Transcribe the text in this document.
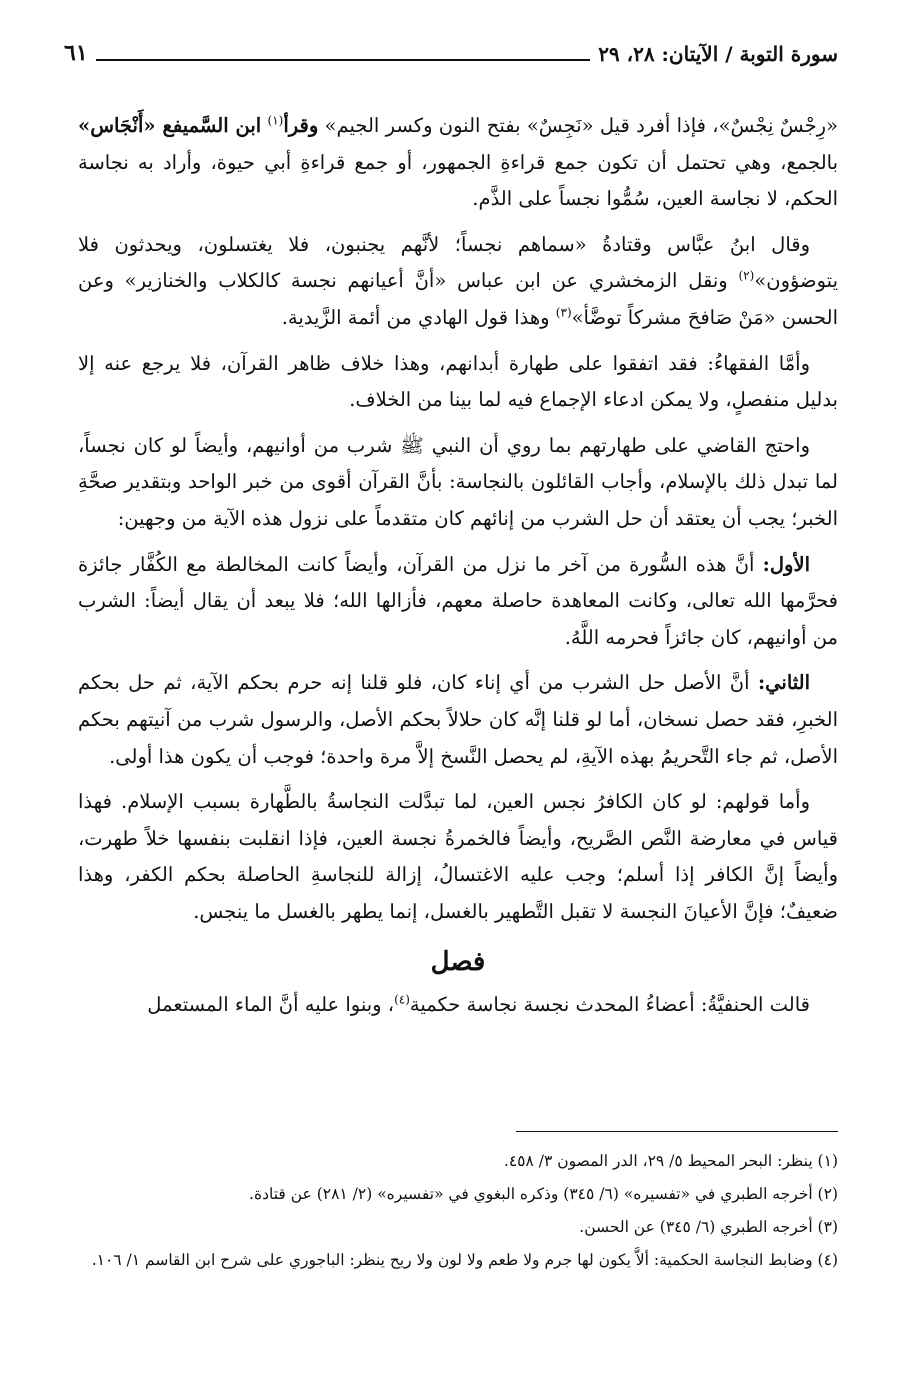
سورة التوبة / الآيتان: ٢٨، ٢٩
٦١

«رِجْسٌ نِجْسٌ»، فإذا أفرد قيل «نَجِسٌ» بفتح النون وكسر الجيم» وقرأ$^{(١)}$ ابن السَّميفع «أَنْجَاس» بالجمع، وهي تحتمل أن تكون جمع قراءةِ الجمهور، أو جمع قراءةِ أبي حيوة، وأراد به نجاسة الحكم، لا نجاسة العين، سُمُّوا نجساً على الذَّم.

وقال ابنُ عبَّاس وقتادةُ «سماهم نجساً؛ لأنَّهم يجنبون، فلا يغتسلون، ويحدثون فلا يتوضؤون»$^{(٢)}$ ونقل الزمخشري عن ابن عباس «أنَّ أعيانهم نجسة كالكلاب والخنازير» وعن الحسن «مَنْ صَافحَ مشركاً توضَّأ»$^{(٣)}$ وهذا قول الهادي من أئمة الزَّيدية.

وأمَّا الفقهاءُ: فقد اتفقوا على طهارة أبدانهم، وهذا خلاف ظاهر القرآن، فلا يرجع عنه إلا بدليل منفصلٍ، ولا يمكن ادعاء الإجماع فيه لما بينا من الخلاف.

واحتج القاضي على طهارتهم بما روي أن النبي ﷺ شرب من أوانيهم، وأيضاً لو كان نجساً، لما تبدل ذلك بالإسلام، وأجاب القائلون بالنجاسة: بأنَّ القرآن أقوى من خبر الواحد وبتقدير صحَّةِ الخبر؛ يجب أن يعتقد أن حل الشرب من إنائهم كان متقدماً على نزول هذه الآية من وجهين:

الأول: أنَّ هذه السُّورة من آخر ما نزل من القرآن، وأيضاً كانت المخالطة مع الكُفَّار جائزة فحرَّمها الله تعالى، وكانت المعاهدة حاصلة معهم، فأزالها الله؛ فلا يبعد أن يقال أيضاً: الشرب من أوانيهم، كان جائزاً فحرمه اللَّهُ.

الثاني: أنَّ الأصل حل الشرب من أي إناء كان، فلو قلنا إنه حرم بحكم الآية، ثم حل بحكم الخبرِ، فقد حصل نسخان، أما لو قلنا إنَّه كان حلالاً بحكم الأصل، والرسول شرب من آنيتهم بحكم الأصل، ثم جاء التَّحريمُ بهذه الآيةِ، لم يحصل النَّسخ إلاَّ مرة واحدة؛ فوجب أن يكون هذا أولى.

وأما قولهم: لو كان الكافرُ نجس العين، لما تبدَّلت النجاسةُ بالطَّهارة بسبب الإسلام. فهذا قياس في معارضة النَّص الصَّريح، وأيضاً فالخمرةُ نجسة العين، فإذا انقلبت بنفسها خلاً طهرت، وأيضاً إنَّ الكافر إذا أسلم؛ وجب عليه الاغتسالُ، إزالة للنجاسةِ الحاصلة بحكم الكفر، وهذا ضعيفٌ؛ فإنَّ الأعيانَ النجسة لا تقبل التَّطهير بالغسل، إنما يطهر بالغسل ما ينجس.

فصل

قالت الحنفيَّةُ: أعضاءُ المحدث نجسة نجاسة حكمية$^{(٤)}$، وبنوا عليه أنَّ الماء المستعمل

(١) ينظر: البحر المحيط ٥/ ٢٩، الدر المصون ٣/ ٤٥٨.

(٢) أخرجه الطبري في «تفسيره» (٦/ ٣٤٥) وذكره البغوي في «تفسيره» (٢/ ٢٨١) عن قتادة.

(٣) أخرجه الطبري (٦/ ٣٤٥) عن الحسن.

(٤) وضابط النجاسة الحكمية: ألاَّ يكون لها جرم ولا طعم ولا لون ولا ريح ينظر: الباجوري على شرح ابن القاسم ١/ ١٠٦.
